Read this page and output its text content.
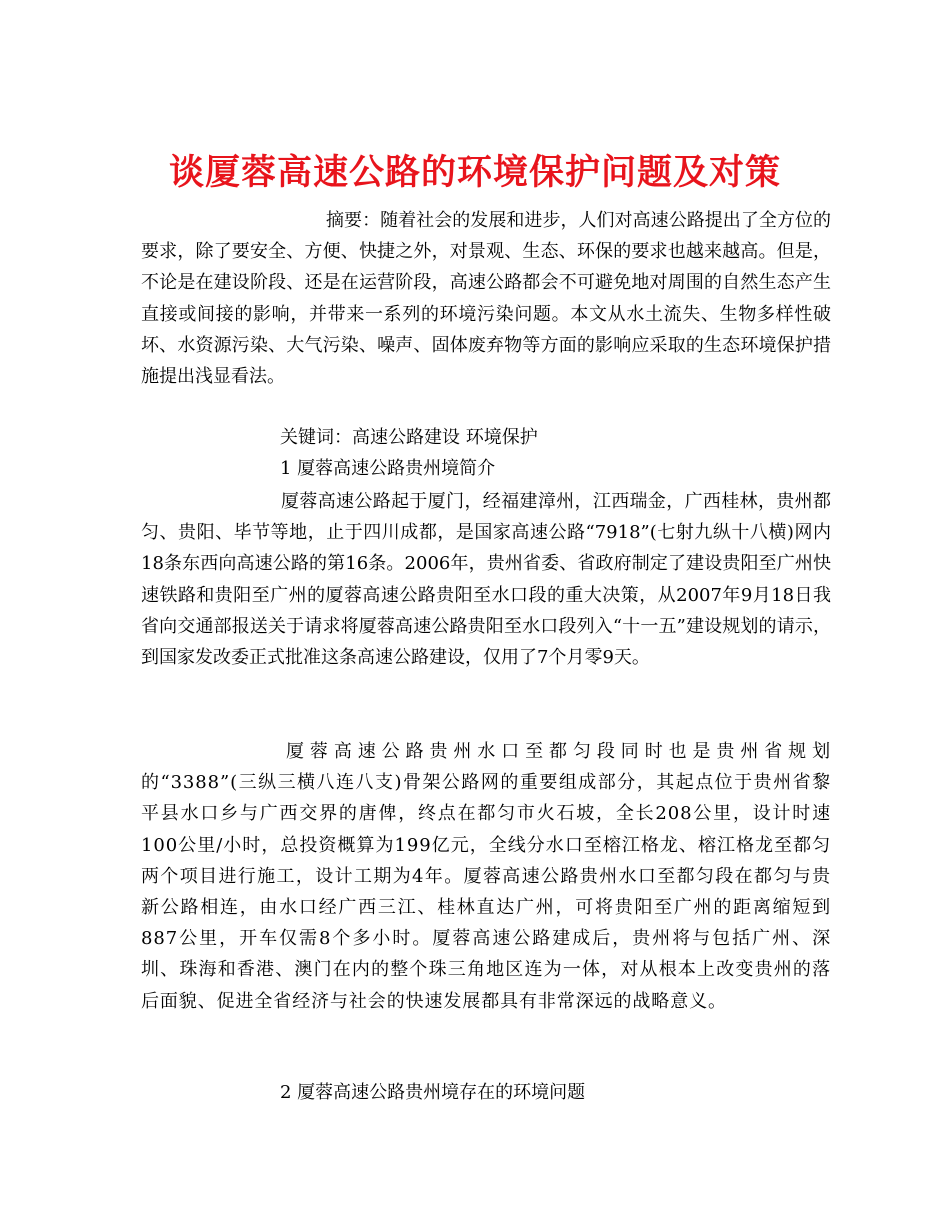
谈厦蓉高速公路的环境保护问题及对策

摘要：随着社会的发展和进步，人们对高速公路提出了全方位的要求，除了要安全、方便、快捷之外，对景观、生态、环保的要求也越来越高。但是，不论是在建设阶段、还是在运营阶段，高速公路都会不可避免地对周围的自然生态产生直接或间接的影响，并带来一系列的环境污染问题。本文从水土流失、生物多样性破坏、水资源污染、大气污染、噪声、固体废弃物等方面的影响应采取的生态环境保护措施提出浅显看法。

关键词：高速公路建设 环境保护

1 厦蓉高速公路贵州境简介

厦蓉高速公路起于厦门，经福建漳州，江西瑞金，广西桂林，贵州都匀、贵阳、毕节等地，止于四川成都，是国家高速公路“7918”(七射九纵十八横)网内18条东西向高速公路的第16条。2006年，贵州省委、省政府制定了建设贵阳至广州快速铁路和贵阳至广州的厦蓉高速公路贵阳至水口段的重大决策，从2007年9月18日我省向交通部报送关于请求将厦蓉高速公路贵阳至水口段列入“十一五”建设规划的请示，到国家发改委正式批准这条高速公路建设，仅用了7个月零9天。

厦蓉高速公路贵州水口至都匀段同时也是贵州省规划的“3388”(三纵三横八连八支)骨架公路网的重要组成部分，其起点位于贵州省黎平县水口乡与广西交界的唐俾，终点在都匀市火石坡，全长208公里，设计时速100公里/小时，总投资概算为199亿元，全线分水口至榕江格龙、榕江格龙至都匀两个项目进行施工，设计工期为4年。厦蓉高速公路贵州水口至都匀段在都匀与贵新公路相连，由水口经广西三江、桂林直达广州，可将贵阳至广州的距离缩短到887公里，开车仅需8个多小时。厦蓉高速公路建成后，贵州将与包括广州、深圳、珠海和香港、澳门在内的整个珠三角地区连为一体，对从根本上改变贵州的落后面貌、促进全省经济与社会的快速发展都具有非常深远的战略意义。

2 厦蓉高速公路贵州境存在的环境问题
